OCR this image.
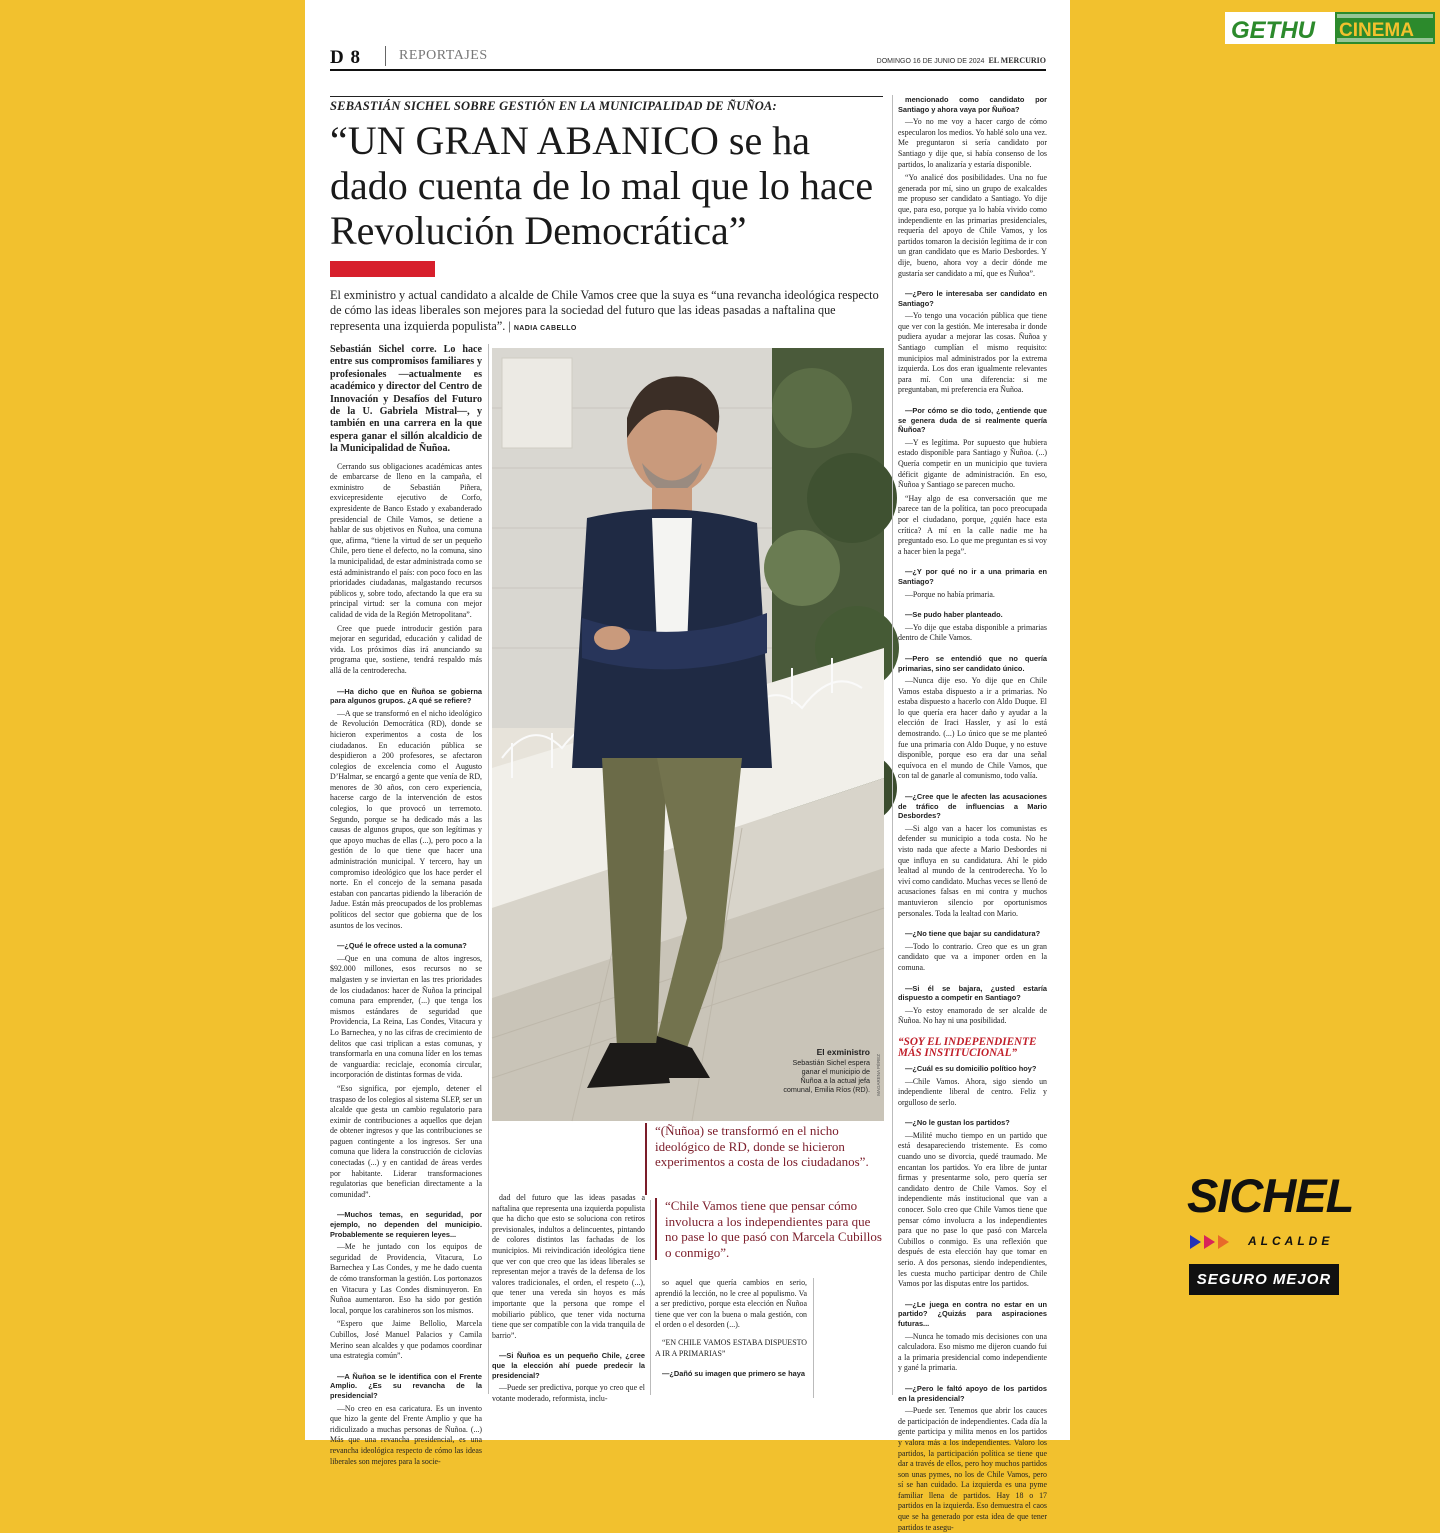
D 8	REPORTAJES	DOMINGO 16 DE JUNIO DE 2024 EL MERCURIO
SEBASTIÁN SICHEL SOBRE GESTIÓN EN LA MUNICIPALIDAD DE ÑUÑOA:
“UN GRAN ABANICO se ha dado cuenta de lo mal que lo hace Revolución Democrática”
El exministro y actual candidato a alcalde de Chile Vamos cree que la suya es “una revancha ideológica respecto de cómo las ideas liberales son mejores para la sociedad del futuro que las ideas pasadas a naftalina que representa una izquierda populista”. | NADIA CABELLO

Sebastián Sichel corre. Lo hace entre sus compromisos familiares y profesionales —actualmente es académico y director del Centro de Innovación y Desafíos del Futuro de la U. Gabriela Mistral—, y también en una carrera en la que espera ganar el sillón alcaldicio de la Municipalidad de Ñuñoa.

Cerrando sus obligaciones académicas antes de embarcarse de lleno en la campaña, el exministro de Sebastián Piñera, exvicepresidente ejecutivo de Corfo, expresidente de Banco Estado y exabanderado presidencial de Chile Vamos, se detiene a hablar de sus objetivos en Ñuñoa, una comuna que, afirma, “tiene la virtud de ser un pequeño Chile, pero tiene el defecto, no la comuna, sino la municipalidad, de estar administrada como se está administrando el país: con poco foco en las prioridades ciudadanas, malgastando recursos públicos y, sobre todo, afectando la que era su principal virtud: ser la comuna con mejor calidad de vida de la Región Metropolitana”.

Cree que puede introducir gestión para mejorar en seguridad, educación y calidad de vida. Los próximos días irá anunciando su programa que, sostiene, tendrá respaldo más allá de la centroderecha.

—Ha dicho que en Ñuñoa se gobierna para algunos grupos. ¿A qué se refiere?

—A que se transformó en el nicho ideológico de Revolución Democrática (RD), donde se hicieron experimentos a costa de los ciudadanos. En educación pública se despidieron a 200 profesores, se afectaron colegios de excelencia como el Augusto D’Halmar, se encargó a gente que venía de RD, menores de 30 años, con cero experiencia, hacerse cargo de la intervención de estos colegios, lo que provocó un terremoto. Segundo, porque se ha dedicado más a las causas de algunos grupos, que son legítimas y que apoyo muchas de ellas (...), pero poco a la gestión de lo que tiene que hacer una administración municipal. Y tercero, hay un compromiso ideológico que los hace perder el norte. En el concejo de la semana pasada estaban con pancartas pidiendo la liberación de Jadue. Están más preocupados de los problemas políticos del sector que gobierna que de los asuntos de los vecinos.

—¿Qué le ofrece usted a la comuna?

—Que en una comuna de altos ingresos, $92.000 millones, esos recursos no se malgasten y se inviertan en las tres prioridades de los ciudadanos: hacer de Ñuñoa la principal comuna para emprender, (...) que tenga los mismos estándares de seguridad que Providencia, La Reina, Las Condes, Vitacura y Lo Barnechea, y no las cifras de crecimiento de delitos que casi triplican a estas comunas, y transformarla en una comuna líder en los temas de vanguardia: reciclaje, economía circular, incorporación de distintas formas de vida.

“Eso significa, por ejemplo, detener el traspaso de los colegios al sistema SLEP, ser un alcalde que gesta un cambio regulatorio para eximir de contribuciones a aquellos que dejan de obtener ingresos y que las contribuciones se paguen contingente a los ingresos. Ser una comuna que lidera la construcción de ciclovías conectadas (...) y en cantidad de áreas verdes por habitante. Liderar transformaciones regulatorias que benefician directamente a la comunidad”.

—Muchos temas, en seguridad, por ejemplo, no dependen del municipio. Probablemente se requieren leyes...

—Me he juntado con los equipos de seguridad de Providencia, Vitacura, Lo Barnechea y Las Condes, y me he dado cuenta de cómo transforman la gestión. Los portonazos en Vitacura y Las Condes disminuyeron. En Ñuñoa aumentaron. Eso ha sido por gestión local, porque los carabineros son los mismos.

“Espero que Jaime Bellolio, Marcela Cubillos, José Manuel Palacios y Camila Merino sean alcaldes y que podamos coordinar una estrategia común”.

—A Ñuñoa se le identifica con el Frente Amplio. ¿Es su revancha de la presidencial?

—No creo en esa caricatura. Es un invento que hizo la gente del Frente Amplio y que ha ridiculizado a muchas personas de Ñuñoa. (...) Más que una revancha presidencial, es una revancha ideológica respecto de cómo las ideas liberales son mejores para la socie-

El exministro
Sebastián Sichel espera ganar el municipio de Ñuñoa a la actual jefa comunal, Emilia Ríos (RD). MAGARENA PÉREZ

dad del futuro que las ideas pasadas a naftalina que representa una izquierda populista que ha dicho que esto se soluciona con retiros previsionales, indultos a delincuentes, pintando de colores distintos las fachadas de los municipios. Mi reivindicación ideológica tiene que ver con que creo que las ideas liberales se representan mejor a través de la defensa de los valores tradicionales, el orden, el respeto (...), que tener una vereda sin hoyos es más importante que la persona que rompe el mobiliario público, que tener vida nocturna tiene que ser compatible con la vida tranquila de barrio”.

—Si Ñuñoa es un pequeño Chile, ¿cree que la elección ahí puede predecir la presidencial?

—Puede ser predictiva, porque yo creo que el votante moderado, reformista, inclu-

“(Ñuñoa) se transformó en el nicho ideológico de RD, donde se hicieron experimentos a costa de los ciudadanos”.
“Chile Vamos tiene que pensar cómo involucra a los independientes para que no pase lo que pasó con Marcela Cubillos o conmigo”.

so aquel que quería cambios en serio, aprendió la lección, no le cree al populismo. Va a ser predictivo, porque esta elección en Ñuñoa tiene que ver con la buena o mala gestión, con el orden o el desorden (...).

“EN CHILE VAMOS ESTABA DISPUESTO A IR A PRIMARIAS”

—¿Dañó su imagen que primero se haya

mencionado como candidato por Santiago y ahora vaya por Ñuñoa?

—Yo no me voy a hacer cargo de cómo especularon los medios. Yo hablé solo una vez. Me preguntaron si sería candidato por Santiago y dije que, si había consenso de los partidos, lo analizaría y estaría disponible.

“Yo analicé dos posibilidades. Una no fue generada por mí, sino un grupo de exalcaldes me propuso ser candidato a Santiago. Yo dije que, para eso, porque ya lo había vivido como independiente en las primarias presidenciales, requería del apoyo de Chile Vamos, y los partidos tomaron la decisión legítima de ir con un gran candidato que es Mario Desbordes. Y dije, bueno, ahora voy a decir dónde me gustaría ser candidato a mí, que es Ñuñoa”.

—¿Pero le interesaba ser candidato en Santiago?

—Yo tengo una vocación pública que tiene que ver con la gestión. Me interesaba ir donde pudiera ayudar a mejorar las cosas. Ñuñoa y Santiago cumplían el mismo requisito: municipios mal administrados por la extrema izquierda. Los dos eran igualmente relevantes para mí. Con una diferencia: si me preguntaban, mi preferencia era Ñuñoa.

—Por cómo se dio todo, ¿entiende que se genera duda de si realmente quería Ñuñoa?

—Y es legítima. Por supuesto que hubiera estado disponible para Santiago y Ñuñoa. (...) Quería competir en un municipio que tuviera déficit gigante de administración. En eso, Ñuñoa y Santiago se parecen mucho.

“Hay algo de esa conversación que me parece tan de la política, tan poco preocupada por el ciudadano, porque, ¿quién hace esta crítica? A mí en la calle nadie me ha preguntado eso. Lo que me preguntan es si voy a hacer bien la pega”.

—¿Y por qué no ir a una primaria en Santiago?

—Porque no había primaria.

—Se pudo haber planteado.

—Yo dije que estaba disponible a primarias dentro de Chile Vamos.

—Pero se entendió que no quería primarias, sino ser candidato único.

—Nunca dije eso. Yo dije que en Chile Vamos estaba dispuesto a ir a primarias. No estaba dispuesto a hacerlo con Aldo Duque. El lo que quería era hacer daño y ayudar a la elección de Iraci Hassler, y así lo está demostrando. (...) Lo único que se me planteó fue una primaria con Aldo Duque, y no estuve disponible, porque eso era dar una señal equívoca en el mundo de Chile Vamos, que con tal de ganarle al comunismo, todo valía.

—¿Cree que le afecten las acusaciones de tráfico de influencias a Mario Desbordes?

—Si algo van a hacer los comunistas es defender su municipio a toda costa. No he visto nada que afecte a Mario Desbordes ni que influya en su candidatura. Ahí le pido lealtad al mundo de la centroderecha. Yo lo viví como candidato. Muchas veces se llenó de acusaciones falsas en mi contra y muchos mantuvieron silencio por oportunismos personales. Toda la lealtad con Mario.

—¿No tiene que bajar su candidatura?

—Todo lo contrario. Creo que es un gran candidato que va a imponer orden en la comuna.

—Si él se bajara, ¿usted estaría dispuesto a competir en Santiago?

—Yo estoy enamorado de ser alcalde de Ñuñoa. No hay ni una posibilidad.

“SOY EL INDEPENDIENTE MÁS INSTITUCIONAL”

—¿Cuál es su domicilio político hoy?

—Chile Vamos. Ahora, sigo siendo un independiente liberal de centro. Feliz y orgulloso de serlo.

—¿No le gustan los partidos?

—Milité mucho tiempo en un partido que está desapareciendo tristemente. Es como cuando uno se divorcia, quedé traumado. Me encantan los partidos. Yo era libre de juntar firmas y presentarme solo, pero quería ser candidato dentro de Chile Vamos. Soy el independiente más institucional que van a conocer. Solo creo que Chile Vamos tiene que pensar cómo involucra a los independientes para que no pase lo que pasó con Marcela Cubillos o conmigo. Es una reflexión que después de esta elección hay que tomar en serio. A dos personas, siendo independientes, les cuesta mucho participar dentro de Chile Vamos por las disputas entre los partidos.

—¿Le juega en contra no estar en un partido? ¿Quizás para aspiraciones futuras...

—Nunca he tomado mis decisiones con una calculadora. Eso mismo me dijeron cuando fui a la primaria presidencial como independiente y gané la primaria.

—¿Pero le faltó apoyo de los partidos en la presidencial?

—Puede ser. Tenemos que abrir los cauces de participación de independientes. Cada día la gente participa y milita menos en los partidos y valora más a los independientes. Valoro los partidos, la participación política se tiene que dar a través de ellos, pero hoy muchos partidos son unas pymes, no los de Chile Vamos, pero sí se han cuidado. La izquierda es una pyme familiar llena de partidos. Hay 18 o 17 partidos en la izquierda. Eso demuestra el caos que se ha generado por esta idea de que tener partidos te asegu-

GETHU CINEMA
SICHEL
ALCALDE
SEGURO MEJOR
